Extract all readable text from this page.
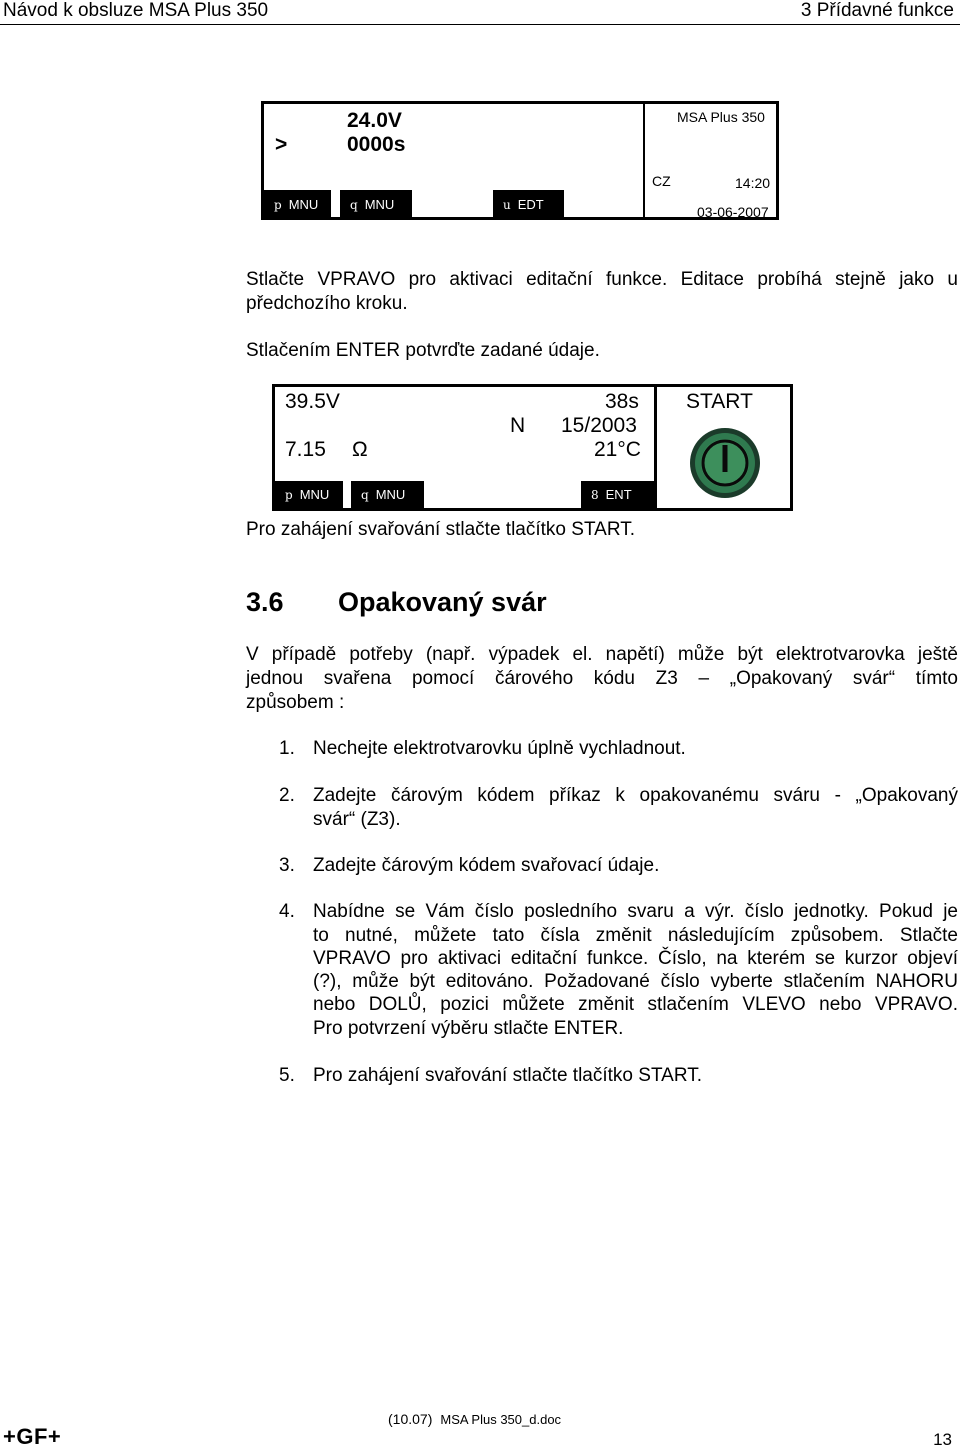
Návod k obsluze MSA Plus 350	3 Přídavné funkce
>
24.0V
0000s
MSA Plus 350
CZ	14:20
03-06-2007
p MNU	q MNU	u EDT
Stlačte VPRAVO pro aktivaci editační funkce. Editace probíhá stejně jako u
předchozího kroku.
Stlačením ENTER potvrďte zadané údaje.
39.5V	38s
N 15/2003
7.15 Ω	21°C
START
p MNU	q MNU	8 ENT
Pro zahájení svařování stlačte tlačítko START.
3.6 Opakovaný svár
V případě potřeby (např. výpadek el. napětí) může být elektrotvarovka ještě
jednou svařena pomocí čárového kódu Z3 – „Opakovaný svár“ tímto
způsobem :
1. Nechejte elektrotvarovku úplně vychladnout.
2. Zadejte čárovým kódem příkaz k opakovanému sváru - „Opakovaný
svár“ (Z3).
3. Zadejte čárovým kódem svařovací údaje.
4. Nabídne se Vám číslo posledního svaru a výr. číslo jednotky. Pokud je
to nutné, můžete tato čísla změnit následujícím způsobem. Stlačte
VPRAVO pro aktivaci editační funkce. Číslo, na kterém se kurzor objeví
(?), může být editováno. Požadované číslo vyberte stlačením NAHORU
nebo DOLŮ, pozici můžete změnit stlačením VLEVO nebo VPRAVO.
Pro potvrzení výběru stlačte ENTER.
5. Pro zahájení svařování stlačte tlačítko START.
+GF+
(10.07) MSA Plus 350_d.doc
13
